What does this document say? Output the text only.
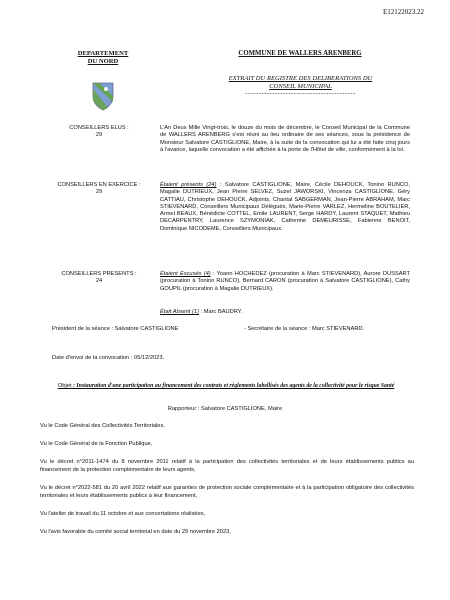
E12122023.22
DEPARTEMENT
DU NORD
COMMUNE DE WALLERS ARENBERG
EXTRAIT DU REGISTRE DES DELIBERATIONS DU
CONSEIL MUNICIPAL
-----------------------------------------
CONSEILLERS ELUS :
29
L'An Deux Mille Vingt-trois, le douze du mois de décembre, le Conseil Municipal de la Commune de WALLERS ARENBERG s'est réuni au lieu ordinaire de ses séances, sous la présidence de Monsieur Salvatore CASTIGLIONE, Maire, à la suite de la convocation qui lui a été faite cinq jours à l'avance, laquelle convocation a été affichée à la porte de l'Hôtel de ville, conformément à la loi.
CONSEILLERS EN EXERCICE :
29
Étaient présents (24) : Salvatore CASTIGLIONE, Maire, Cécile DEHOUCK, Tonino RUNCO, Magalie DUTRIEUX, Jean Pierre SELVEZ, Suzel JAWORSKI, Vincenza CASTIGLIONE, Géry CATTIAU, Christophe DEHOUCK, Adjoints, Chantal SABGERMAN, Jean-Pierre ABRAHAM, Marc STIEVENARD, Conseillers Municipaux Délégués, Marie-Pierre VARLEZ, Hermeline BOUTELIER, Armel BEAUX, Bénédicte COTTEL, Emile LAURENT, Serge HARDY, Laurent STAQUET, Mathieu DECARPENTRY, Laurence SZYMONIAK, Catherine DEMEURISSE, Fabienne BENOIT, Dominique NICODEME, Conseillers Municipaux.
CONSEILLERS PRESENTS :
24
Étaient Excusés (4) : Yoann HOCHEDEZ (procuration à Marc STIEVENARD), Aurore DUSSART (procuration à Tonino RUNCO), Bernard CARON (procuration à Salvatore CASTIGLIONE), Cathy GOUPIL (procuration à Magalie DUTRIEUX).
Était Absent (1) : Marc BAUDRY.
Président de la séance : Salvatore CASTIGLIONE	- Secrétaire de la séance : Marc STIEVENARD.
Date d'envoi de la convocation : 05/12/2023.
Objet : Instauration d'une participation au financement des contrats et règlements labellisés des agents de la collectivité pour le risque Santé
Rapporteur : Salvatore CASTIGLIONE, Maire
Vu le Code Général des Collectivités Territoriales,
Vu le Code Général de la Fonction Publique,
Vu le décret n°2011-1474 du 8 novembre 2011 relatif à la participation des collectivités territoriales et de leurs établissements publics au financement de la protection complémentaire de leurs agents,
Vu le décret n°2022-581 du 20 avril 2022 relatif aux garanties de protection sociale complémentaire et à la participation obligatoire des collectivités territoriales et leurs établissements publics à leur financement,
Vu l'atelier de travail du 11 octobre et aux concertations réalisées,
Vu l'avis favorable du comité social territorial en date du 29 novembre 2023,
